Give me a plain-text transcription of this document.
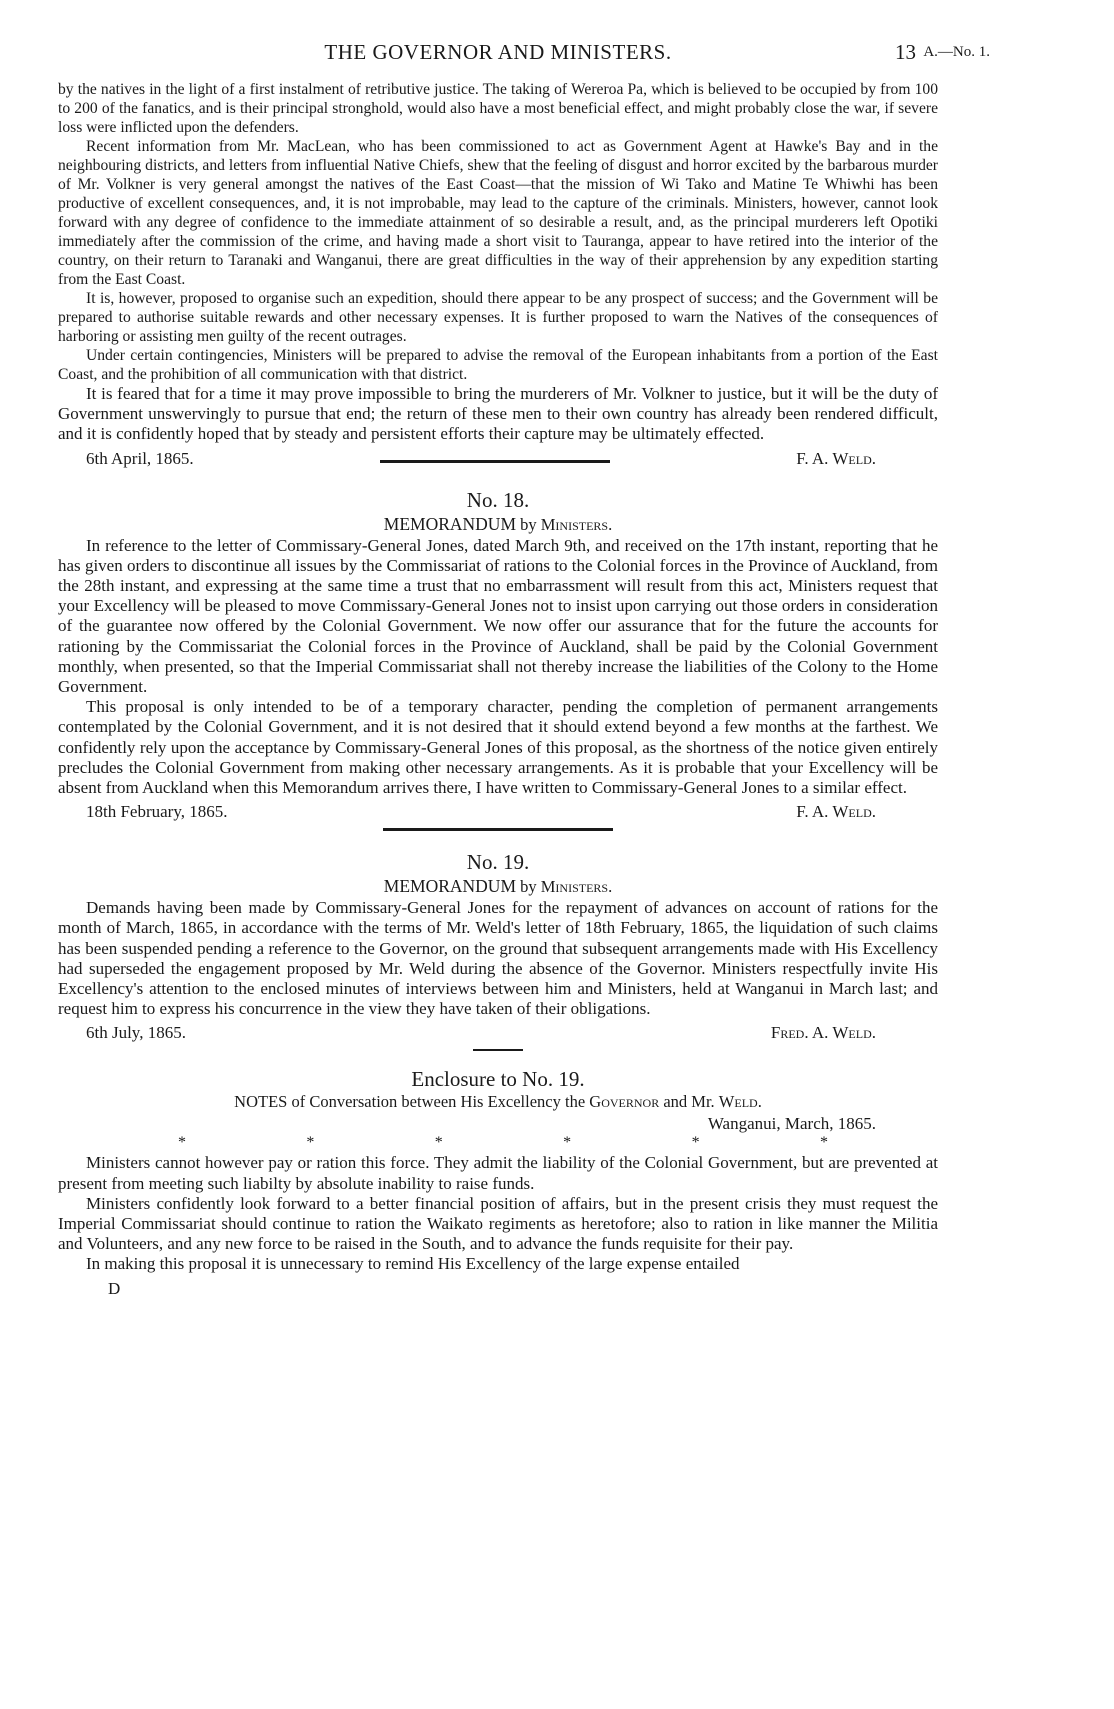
THE GOVERNOR AND MINISTERS.	13 A.—No. 1.

by the natives in the light of a first instalment of retributive justice. The taking of Wereroa Pa, which is believed to be occupied by from 100 to 200 of the fanatics, and is their principal stronghold, would also have a most beneficial effect, and might probably close the war, if severe loss were inflicted upon the defenders.

Recent information from Mr. MacLean, who has been commissioned to act as Government Agent at Hawke's Bay and in the neighbouring districts, and letters from influential Native Chiefs, shew that the feeling of disgust and horror excited by the barbarous murder of Mr. Volkner is very general amongst the natives of the East Coast—that the mission of Wi Tako and Matine Te Whiwhi has been productive of excellent consequences, and, it is not improbable, may lead to the capture of the criminals. Ministers, however, cannot look forward with any degree of confidence to the immediate attainment of so desirable a result, and, as the principal murderers left Opotiki immediately after the commission of the crime, and having made a short visit to Tauranga, appear to have retired into the interior of the country, on their return to Taranaki and Wanganui, there are great difficulties in the way of their apprehension by any expedition starting from the East Coast.

It is, however, proposed to organise such an expedition, should there appear to be any prospect of success; and the Government will be prepared to authorise suitable rewards and other necessary expenses. It is further proposed to warn the Natives of the consequences of harboring or assisting men guilty of the recent outrages.

Under certain contingencies, Ministers will be prepared to advise the removal of the European inhabitants from a portion of the East Coast, and the prohibition of all communication with that district.

It is feared that for a time it may prove impossible to bring the murderers of Mr. Volkner to justice, but it will be the duty of Government unswervingly to pursue that end; the return of these men to their own country has already been rendered difficult, and it is confidently hoped that by steady and persistent efforts their capture may be ultimately effected.

6th April, 1865.	F. A. Weld.
No. 18.
MEMORANDUM by Ministers.

In reference to the letter of Commissary-General Jones, dated March 9th, and received on the 17th instant, reporting that he has given orders to discontinue all issues by the Commissariat of rations to the Colonial forces in the Province of Auckland, from the 28th instant, and expressing at the same time a trust that no embarrassment will result from this act, Ministers request that your Excellency will be pleased to move Commissary-General Jones not to insist upon carrying out those orders in consideration of the guarantee now offered by the Colonial Government. We now offer our assurance that for the future the accounts for rationing by the Commissariat the Colonial forces in the Province of Auckland, shall be paid by the Colonial Government monthly, when presented, so that the Imperial Commissariat shall not thereby increase the liabilities of the Colony to the Home Government.

This proposal is only intended to be of a temporary character, pending the completion of permanent arrangements contemplated by the Colonial Government, and it is not desired that it should extend beyond a few months at the farthest. We confidently rely upon the acceptance by Commissary-General Jones of this proposal, as the shortness of the notice given entirely precludes the Colonial Government from making other necessary arrangements. As it is probable that your Excellency will be absent from Auckland when this Memorandum arrives there, I have written to Commissary-General Jones to a similar effect.

18th February, 1865.	F. A. Weld.
No. 19.
MEMORANDUM by Ministers.

Demands having been made by Commissary-General Jones for the repayment of advances on account of rations for the month of March, 1865, in accordance with the terms of Mr. Weld's letter of 18th February, 1865, the liquidation of such claims has been suspended pending a reference to the Governor, on the ground that subsequent arrangements made with His Excellency had superseded the engagement proposed by Mr. Weld during the absence of the Governor. Ministers respectfully invite His Excellency's attention to the enclosed minutes of interviews between him and Ministers, held at Wanganui in March last; and request him to express his concurrence in the view they have taken of their obligations.

6th July, 1865.	Fred. A. Weld.
Enclosure to No. 19.
NOTES of Conversation between His Excellency the Governor and Mr. Weld.
Wanganui, March, 1865.
*	*	*	*	*	*

Ministers cannot however pay or ration this force. They admit the liability of the Colonial Government, but are prevented at present from meeting such liabilty by absolute inability to raise funds.

Ministers confidently look forward to a better financial position of affairs, but in the present crisis they must request the Imperial Commissariat should continue to ration the Waikato regiments as heretofore; also to ration in like manner the Militia and Volunteers, and any new force to be raised in the South, and to advance the funds requisite for their pay.

In making this proposal it is unnecessary to remind His Excellency of the large expense entailed

D
